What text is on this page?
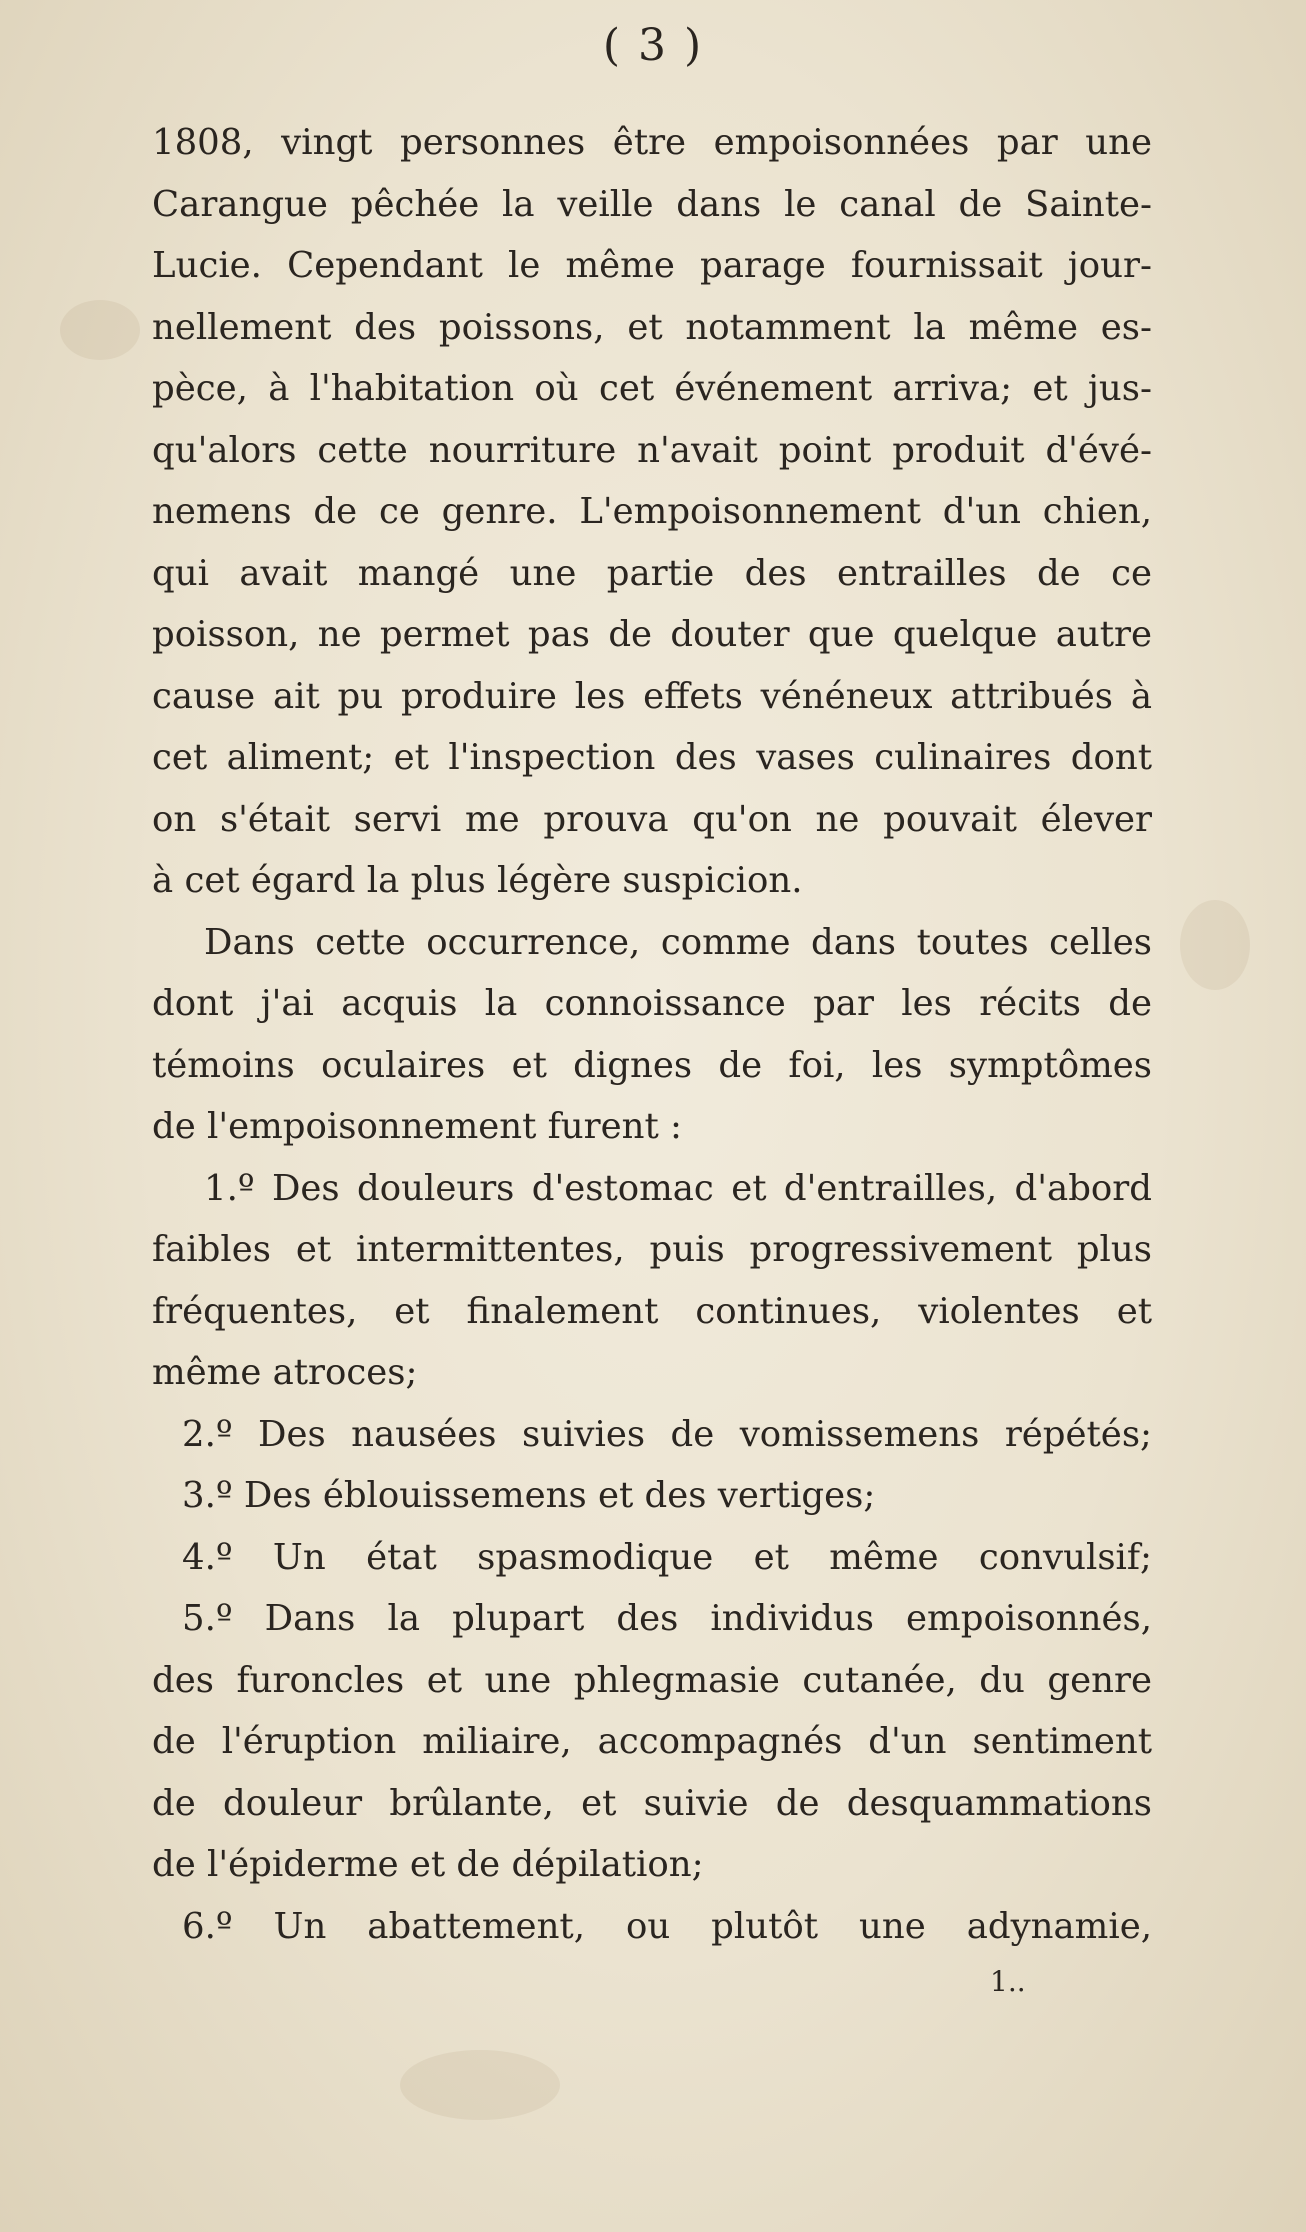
( 3 )
1808, vingt personnes être empoisonnées par une
Carangue pêchée la veille dans le canal de Sainte-
Lucie. Cependant le même parage fournissait jour-
nellement des poissons, et notamment la même es-
pèce, à l'habitation où cet événement arriva; et jus-
qu'alors cette nourriture n'avait point produit d'évé-
nemens de ce genre. L'empoisonnement d'un chien,
qui avait mangé une partie des entrailles de ce
poisson, ne permet pas de douter que quelque autre
cause ait pu produire les effets vénéneux attribués à
cet aliment; et l'inspection des vases culinaires dont
on s'était servi me prouva qu'on ne pouvait élever
à cet égard la plus légère suspicion.
Dans cette occurrence, comme dans toutes celles
dont j'ai acquis la connoissance par les récits de
témoins oculaires et dignes de foi, les symptômes
de l'empoisonnement furent :
1.º Des douleurs d'estomac et d'entrailles, d'abord
faibles et intermittentes, puis progressivement plus
fréquentes, et finalement continues, violentes et
même atroces;
2.º Des nausées suivies de vomissemens répétés;
3.º Des éblouissemens et des vertiges;
4.º Un état spasmodique et même convulsif;
5.º Dans la plupart des individus empoisonnés,
des furoncles et une phlegmasie cutanée, du genre
de l'éruption miliaire, accompagnés d'un sentiment
de douleur brûlante, et suivie de desquammations
de l'épiderme et de dépilation;
6.º Un abattement, ou plutôt une adynamie,
1..
